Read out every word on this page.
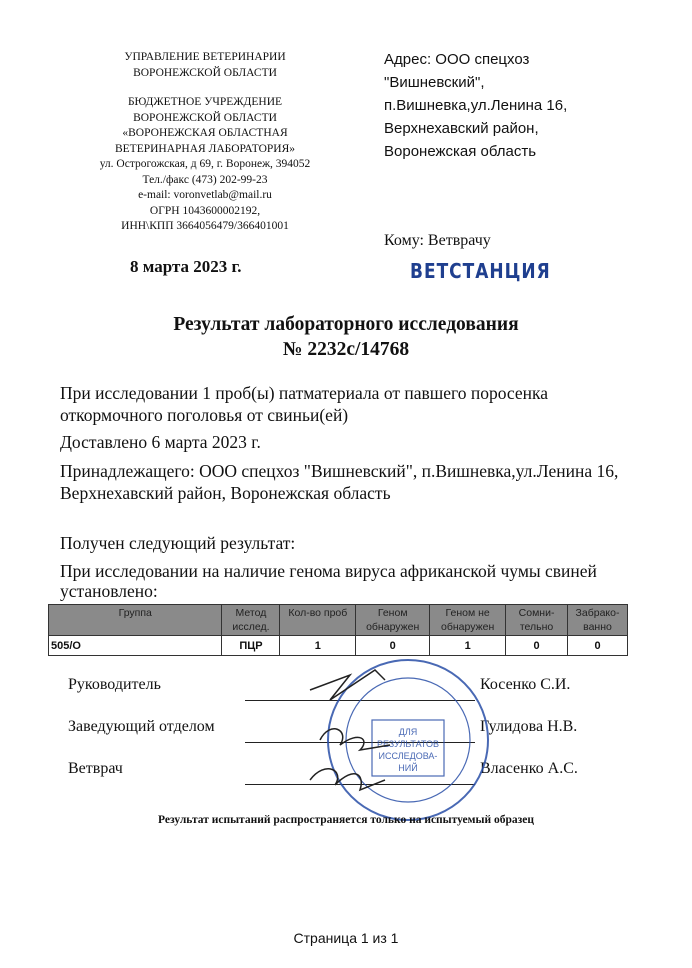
УПРАВЛЕНИЕ ВЕТЕРИНАРИИ
ВОРОНЕЖСКОЙ ОБЛАСТИ
БЮДЖЕТНОЕ УЧРЕЖДЕНИЕ
ВОРОНЕЖСКОЙ ОБЛАСТИ
«ВОРОНЕЖСКАЯ ОБЛАСТНАЯ
ВЕТЕРИНАРНАЯ ЛАБОРАТОРИЯ»
ул. Острогожская, д 69, г. Воронеж, 394052
Тел./факс (473) 202-99-23
e-mail: voronvetlab@mail.ru
ОГРН 1043600002192,
ИНН\КПП 3664056479/366401001
8 марта 2023 г.
Адрес: ООО спецхоз
"Вишневский",
п.Вишневка,ул.Ленина 16,
Верхнехавский район,
Воронежская область
Кому: Ветврачу
ВЕТСТАНЦИЯ
Результат лабораторного исследования
№ 2232с/14768
При исследовании 1 проб(ы) патматериала от павшего поросенка откормочного поголовья от свиньи(ей)
Доставлено 6 марта 2023 г.
Принадлежащего: ООО спецхоз "Вишневский", п.Вишневка,ул.Ленина 16, Верхнехавский район, Воронежская область
Получен следующий результат:
При исследовании на наличие генома вируса африканской чумы свиней установлено:
Группа	Метод исслед.	Кол-во проб	Геном обнаружен	Геном не обнаружен	Сомни-тельно	Забрако-ванно
505/О	ПЦР	1	0	1	0	0
Руководитель	Косенко С.И.
Заведующий отделом	Гулидова Н.В.
Ветврач	Власенко А.С.
ДЛЯ
РЕЗУЛЬТАТОВ
ИССЛЕДОВА-
НИЙ
Результат испытаний распространяется только на испытуемый образец
Страница 1 из 1
